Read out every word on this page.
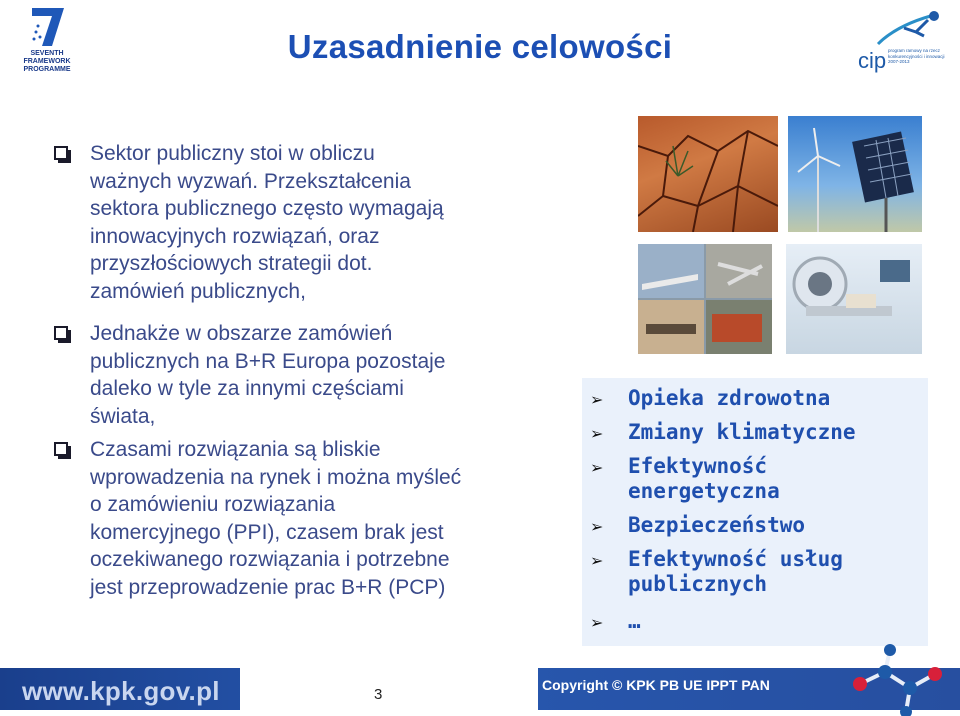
SEVENTH FRAMEWORK
PROGRAMME	cip program ramowy na rzecz konkurencyjności i innowacji 2007-2013
Uzasadnienie celowości
Sektor publiczny stoi w obliczu
ważnych wyzwań. Przekształcenia
sektora publicznego często wymagają
innowacyjnych rozwiązań, oraz
przyszłościowych strategii dot.
zamówień publicznych,
Jednakże w obszarze zamówień
publicznych na B+R Europa pozostaje
daleko w tyle za innymi częściami
świata,
Czasami rozwiązania są bliskie
wprowadzenia na rynek i można myśleć
o zamówieniu rozwiązania
komercyjnego (PPI), czasem brak jest
oczekiwanego rozwiązania i potrzebne
jest przeprowadzenie prac B+R (PCP)
➢ Opieka zdrowotna
➢ Zmiany klimatyczne
➢ Efektywność
energetyczna
➢ Bezpieczeństwo
➢ Efektywność usług
publicznych
➢ …
www.kpk.gov.pl	3
Copyright © KPK PB UE IPPT PAN
